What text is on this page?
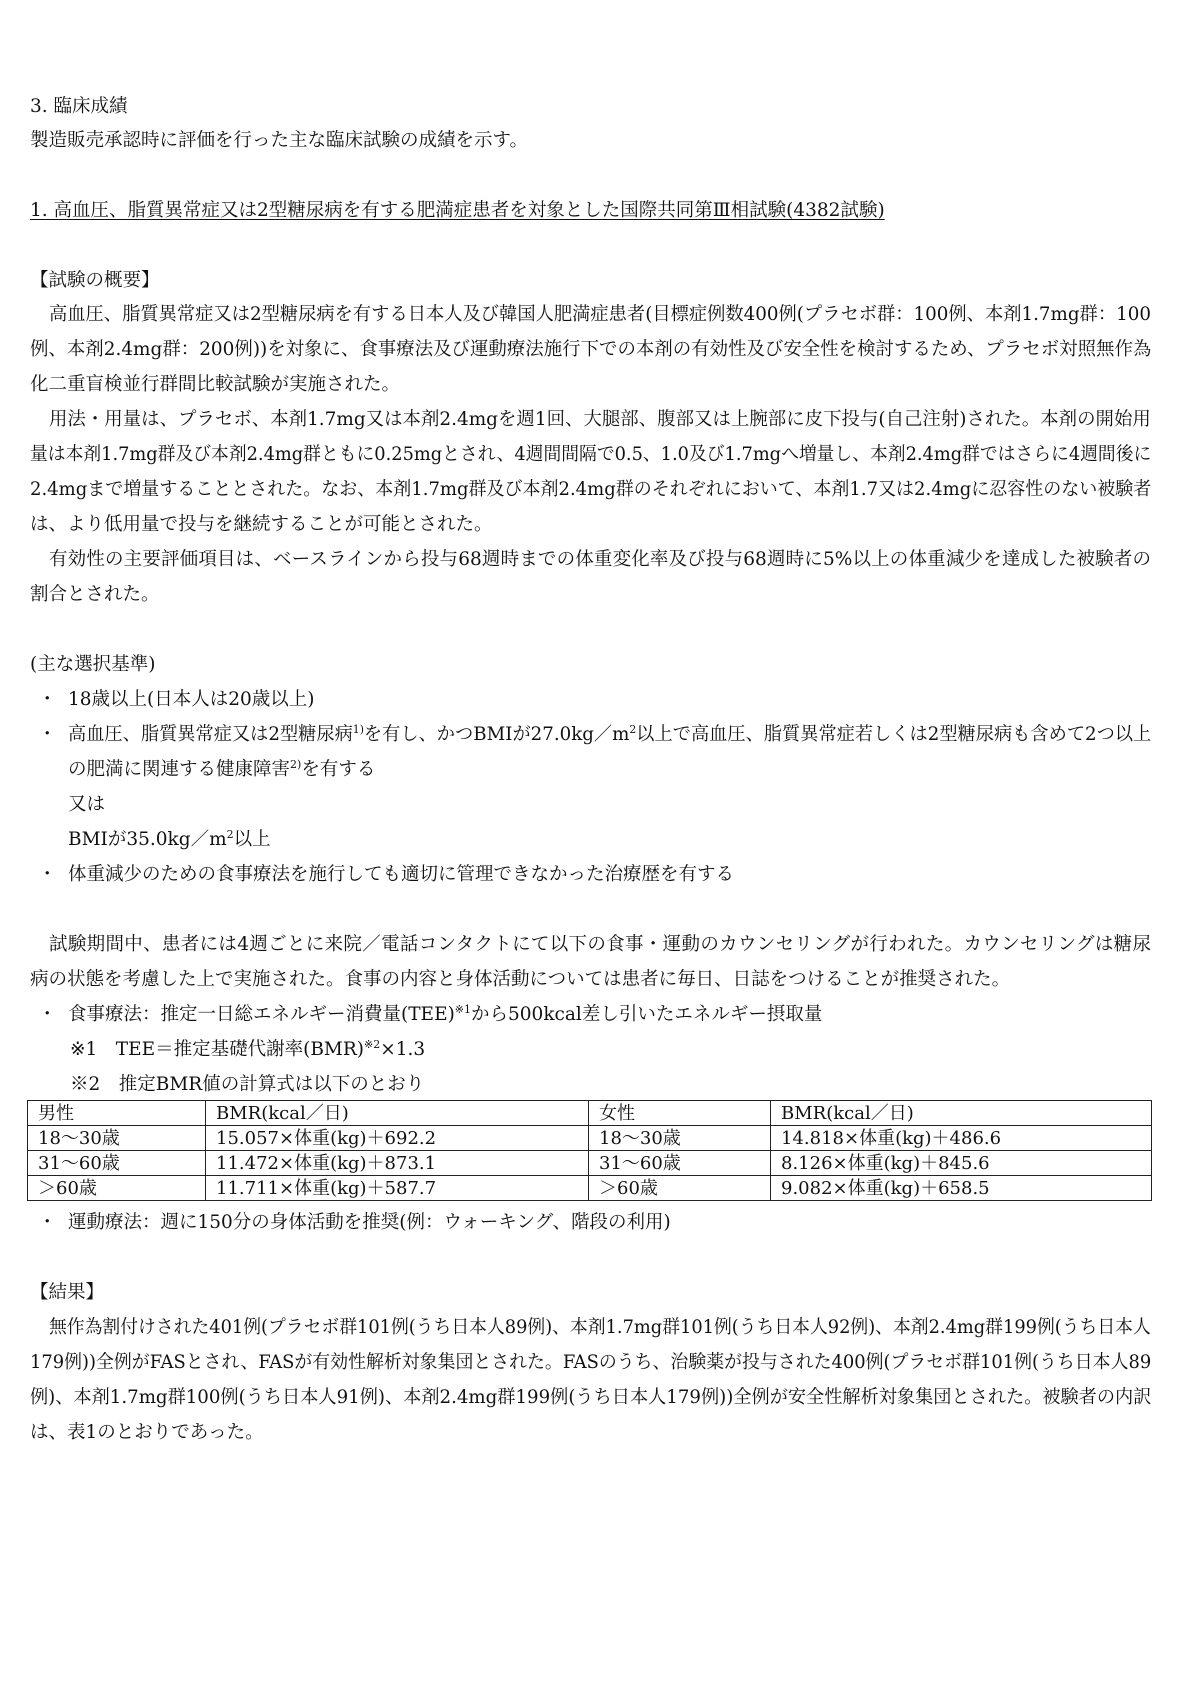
3. 臨床成績
製造販売承認時に評価を行った主な臨床試験の成績を示す。
1. 高血圧、脂質異常症又は2型糖尿病を有する肥満症患者を対象とした国際共同第Ⅲ相試験(4382試験)
【試験の概要】
高血圧、脂質異常症又は2型糖尿病を有する日本人及び韓国人肥満症患者(目標症例数400例(プラセボ群：100例、本剤1.7mg群：100
例、本剤2.4mg群：200例))を対象に、食事療法及び運動療法施行下での本剤の有効性及び安全性を検討するため、プラセボ対照無作為
化二重盲検並行群間比較試験が実施された。
用法・用量は、プラセボ、本剤1.7mg又は本剤2.4mgを週1回、大腿部、腹部又は上腕部に皮下投与(自己注射)された。本剤の開始用
量は本剤1.7mg群及び本剤2.4mg群ともに0.25mgとされ、4週間間隔で0.5、1.0及び1.7mgへ増量し、本剤2.4mg群ではさらに4週間後に
2.4mgまで増量することとされた。なお、本剤1.7mg群及び本剤2.4mg群のそれぞれにおいて、本剤1.7又は2.4mgに忍容性のない被験者
は、より低用量で投与を継続することが可能とされた。
有効性の主要評価項目は、ベースラインから投与68週時までの体重変化率及び投与68週時に5%以上の体重減少を達成した被験者の
割合とされた。
(主な選択基準)
・ 18歳以上(日本人は20歳以上)
・ 高血圧、脂質異常症又は2型糖尿病$^{1)}$を有し、かつBMIが$27.0kg/m^2$以上で高血圧、脂質異常症若しくは2型糖尿病も含めて2つ以上
の肥満に関連する健康障害$^{2)}$を有する
又は
BMIが$35.0kg/m^2$以上
・ 体重減少のための食事療法を施行しても適切に管理できなかった治療歴を有する
試験期間中、患者には4週ごとに来院／電話コンタクトにて以下の食事・運動のカウンセリングが行われた。カウンセリングは糖尿
病の状態を考慮した上で実施された。食事の内容と身体活動については患者に毎日、日誌をつけることが推奨された。
・ 食事療法：推定一日総エネルギー消費量(TEE)$^{※1}$から500kcal差し引いたエネルギー摂取量
※1　TEE＝推定基礎代謝率(BMR)$^{※2}$×1.3
※2　推定BMR値の計算式は以下のとおり
男性	BMR(kcal／日)	女性	BMR(kcal／日)
18～30歳	15.057×体重(kg)＋692.2	18～30歳	14.818×体重(kg)＋486.6
31～60歳	11.472×体重(kg)＋873.1	31～60歳	8.126×体重(kg)＋845.6
＞60歳	11.711×体重(kg)＋587.7	＞60歳	9.082×体重(kg)＋658.5
・ 運動療法：週に150分の身体活動を推奨(例：ウォーキング、階段の利用)
【結果】
無作為割付けされた401例(プラセボ群101例(うち日本人89例)、本剤1.7mg群101例(うち日本人92例)、本剤2.4mg群199例(うち日本人
179例))全例がFASとされ、FASが有効性解析対象集団とされた。FASのうち、治験薬が投与された400例(プラセボ群101例(うち日本人89
例)、本剤1.7mg群100例(うち日本人91例)、本剤2.4mg群199例(うち日本人179例))全例が安全性解析対象集団とされた。被験者の内訳
は、表1のとおりであった。
